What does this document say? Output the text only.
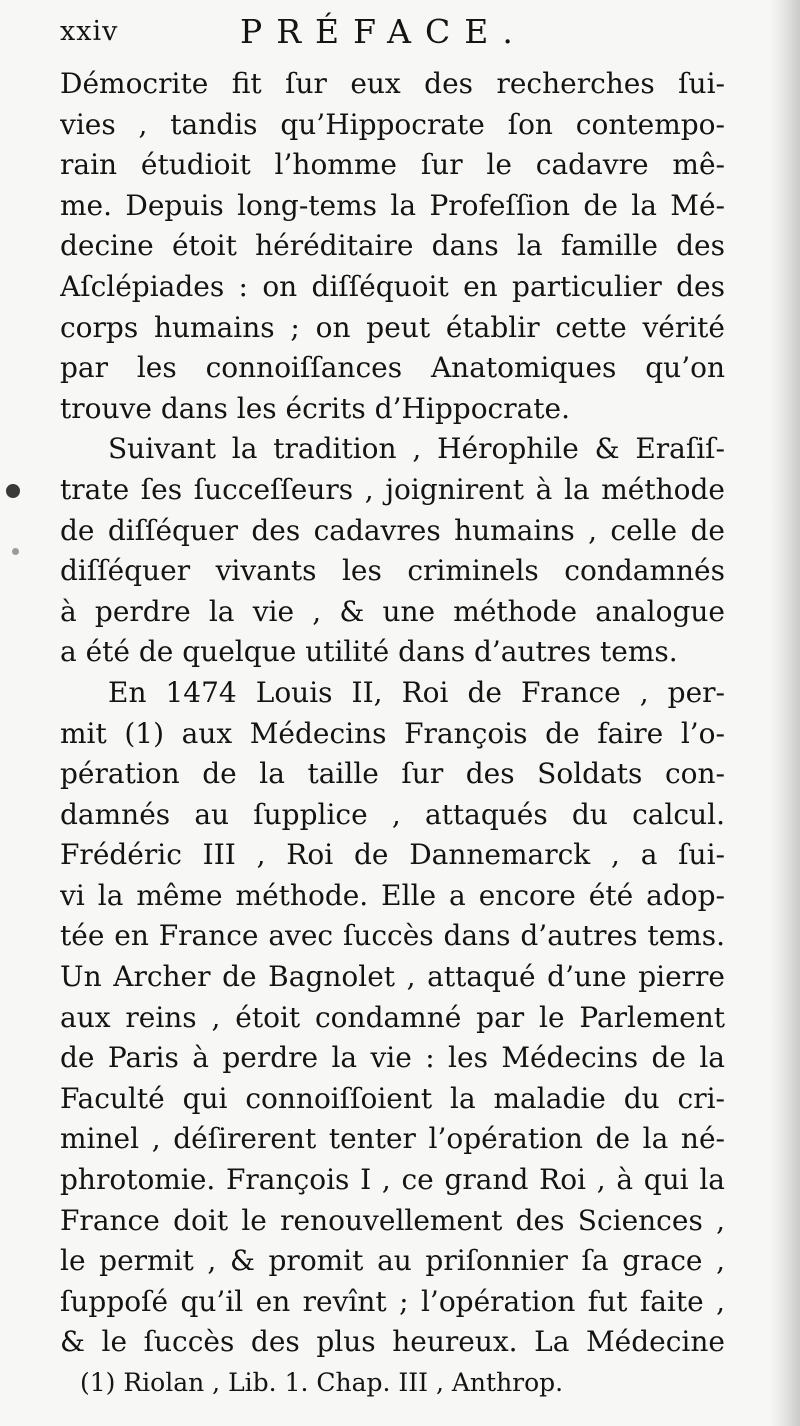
xxiv	PRÉFACE.
Démocrite fit ſur eux des recherches ſui-
vies , tandis qu’Hippocrate ſon contempo-
rain étudioit l’homme ſur le cadavre mê-
me. Depuis long-tems la Profeſſion de la Mé-
decine étoit héréditaire dans la famille des
Aſclépiades : on diſſéquoit en particulier des
corps humains ; on peut établir cette vérité
par les connoiſſances Anatomiques qu’on
trouve dans les écrits d’Hippocrate.
Suivant la tradition , Hérophile & Eraſiſ-
trate ſes ſucceſſeurs , joignirent à la méthode
de diſſéquer des cadavres humains , celle de
diſſéquer vivants les criminels condamnés
à perdre la vie , & une méthode analogue
a été de quelque utilité dans d’autres tems.
En 1474 Louis II, Roi de France , per-
mit (1) aux Médecins François de faire l’o-
pération de la taille ſur des Soldats con-
damnés au ſupplice , attaqués du calcul.
Frédéric III , Roi de Dannemarck , a ſui-
vi la même méthode. Elle a encore été adop-
tée en France avec ſuccès dans d’autres tems.
Un Archer de Bagnolet , attaqué d’une pierre
aux reins , étoit condamné par le Parlement
de Paris à perdre la vie : les Médecins de la
Faculté qui connoiſſoient la maladie du cri-
minel , déſirerent tenter l’opération de la né-
phrotomie. François I , ce grand Roi , à qui la
France doit le renouvellement des Sciences ,
le permit , & promit au priſonnier ſa grace ,
ſuppoſé qu’il en revînt ; l’opération fut faite ,
& le ſuccès des plus heureux. La Médecine
(1) Riolan , Lib. 1. Chap. III , Anthrop.
